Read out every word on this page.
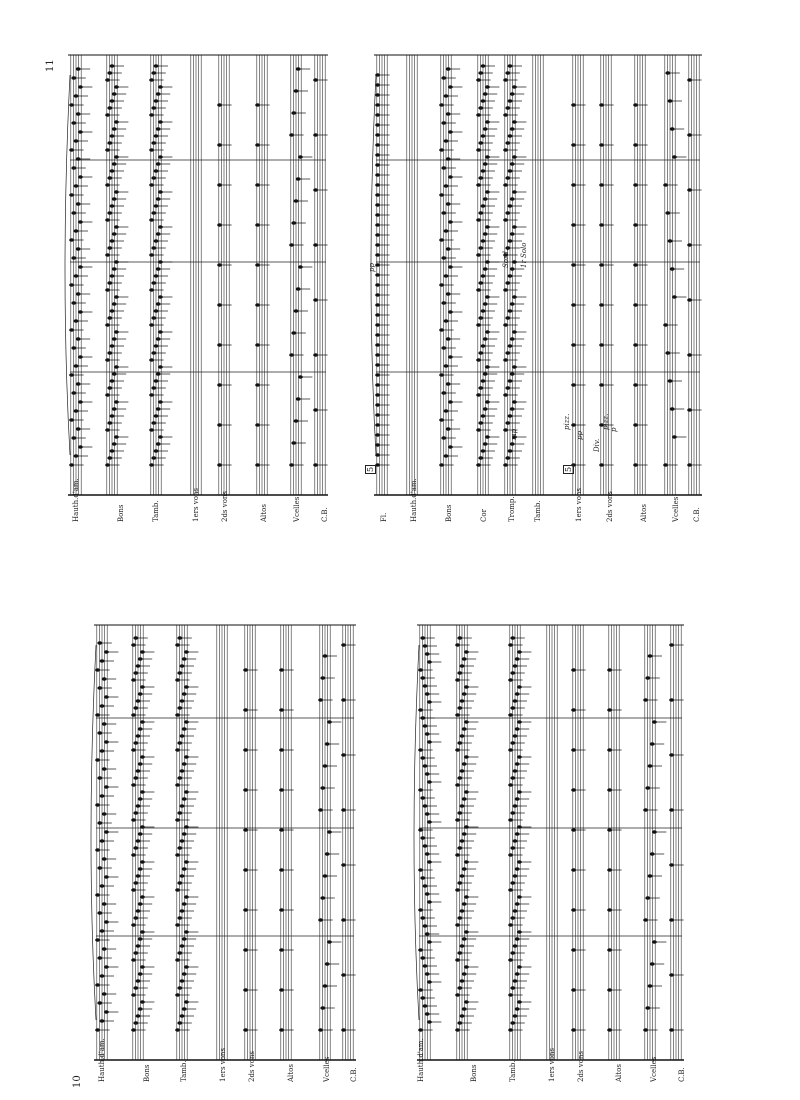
10
11
Hauth.d'am.	Bons	Tamb.	1ers vons	2ds vons	Altos	Vcelles	C.B.	Hauth.d'am.	Bons	Tamb.	1ers vons	2ds vons	Altos	Vcelles	C.B.
Hauth.d'am.	Bons	Tamb.	1ers vons	2ds vons	Altos	Vcelles	C.B.
5	5
Fl.	Hauth.d'am.	Bons	Cor	Tromp.	Tamb.	1ers vons	2ds vons	Altos	Vcelles C.B.
pp	Sord. 1r Solo
pizz.
Div.
pizz. p
pp
mp
